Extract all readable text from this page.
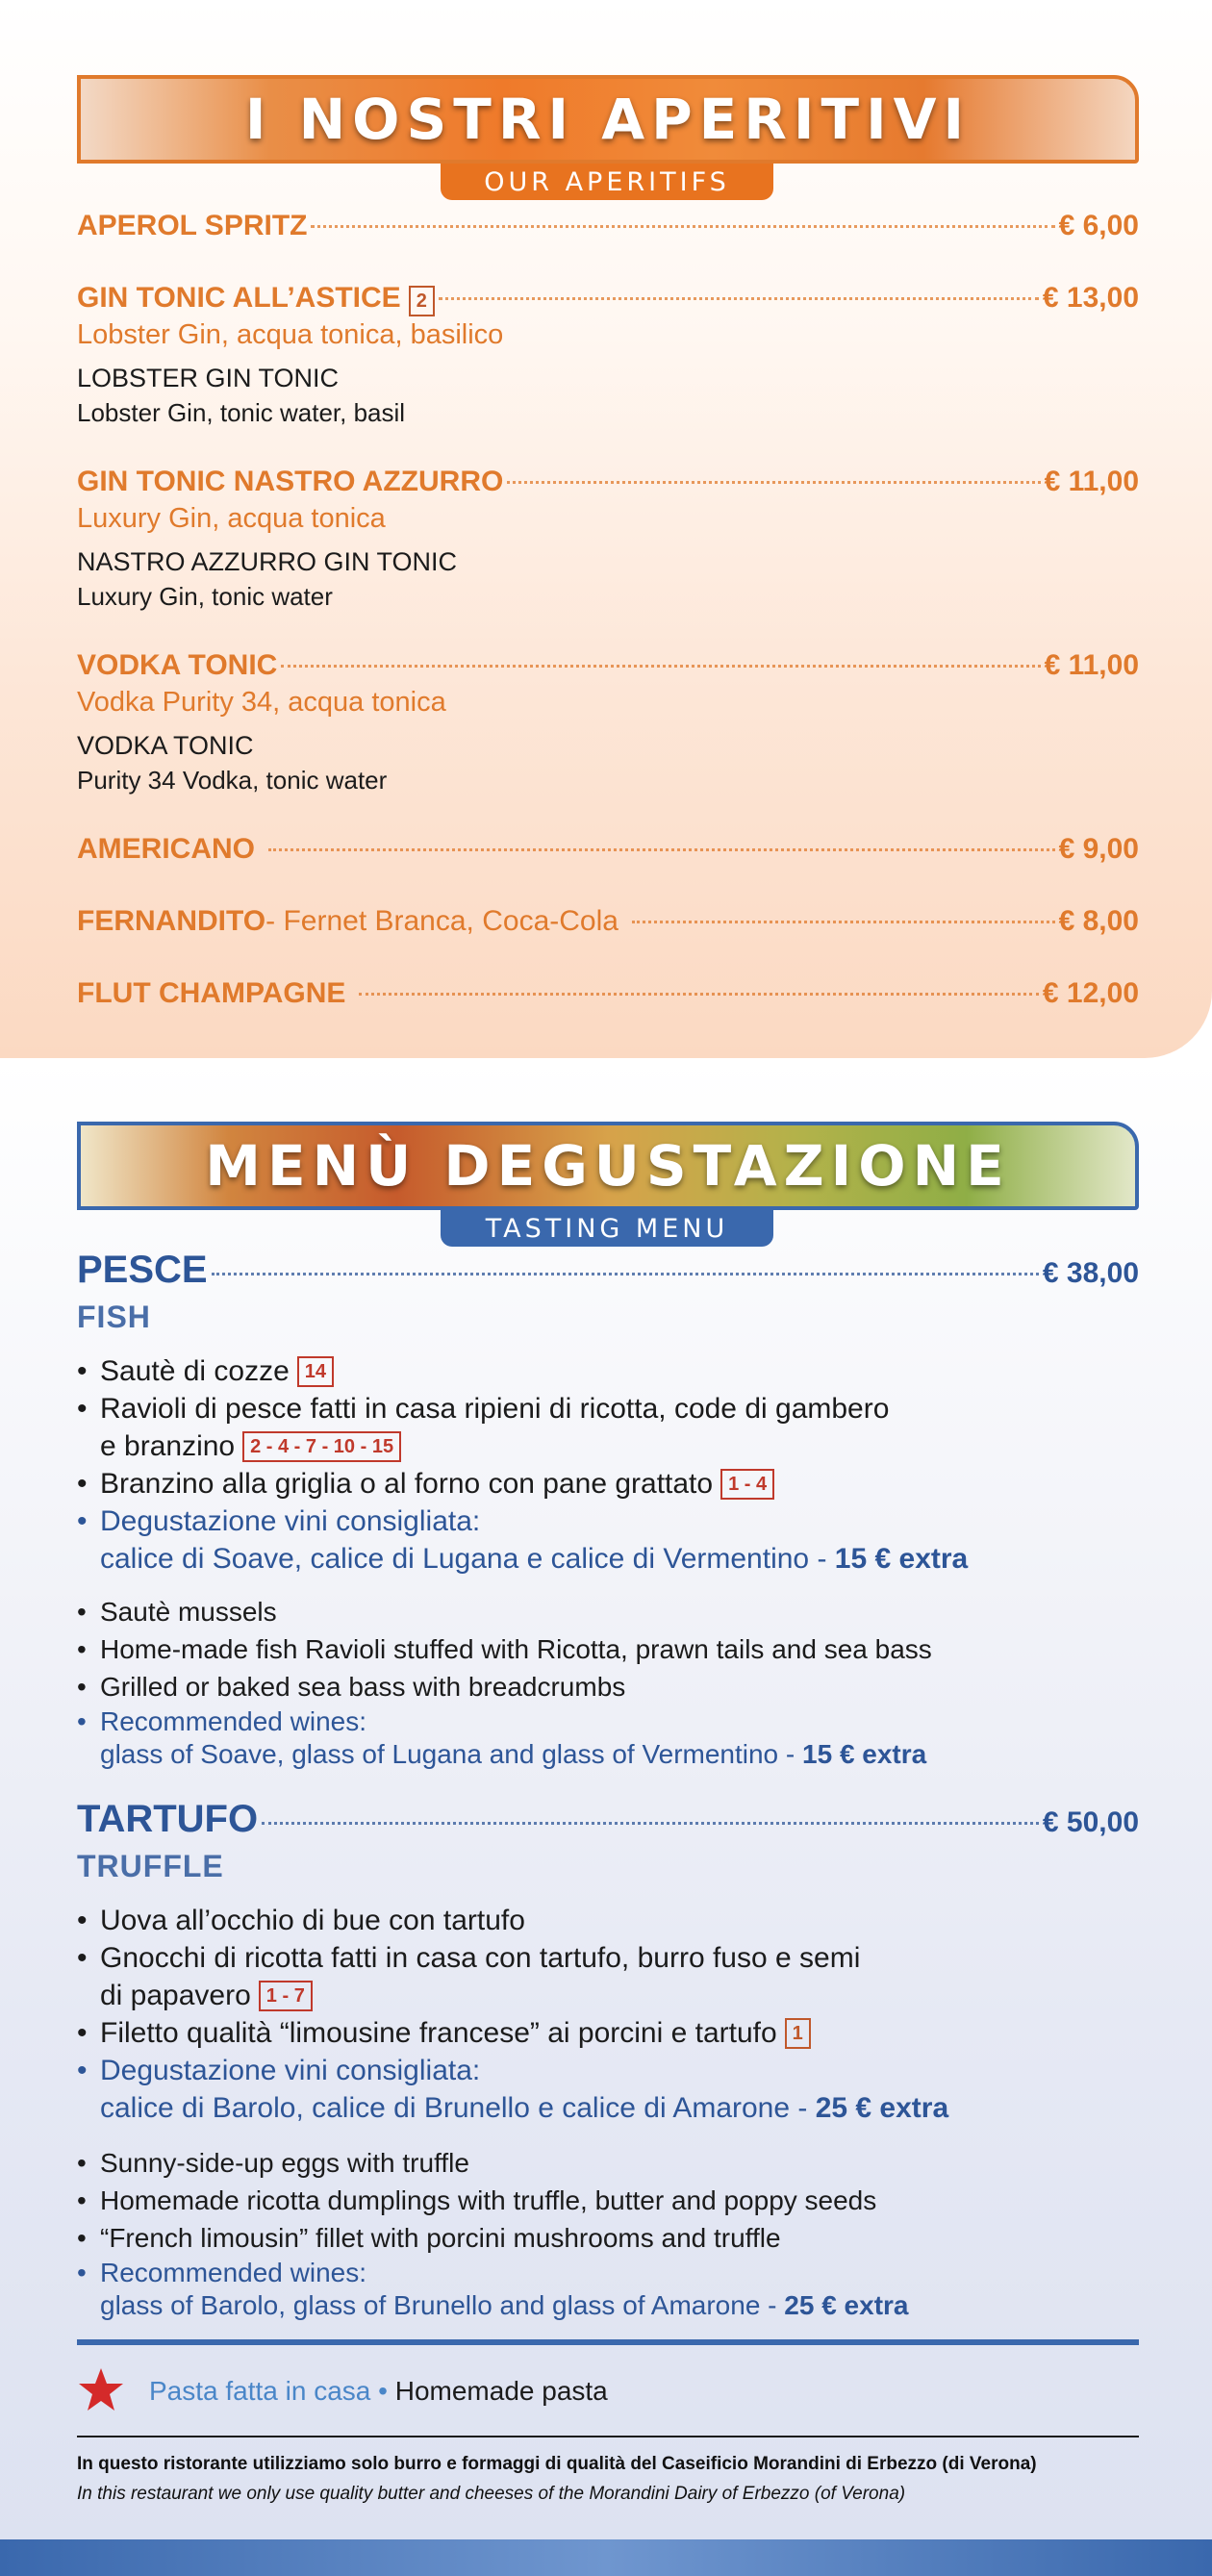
I NOSTRI APERITIVI
OUR APERITIFS
APEROL SPRITZ	€ 6,00
GIN TONIC ALL’ASTICE 2	€ 13,00
Lobster Gin, acqua tonica, basilico
LOBSTER GIN TONIC
Lobster Gin, tonic water, basil
GIN TONIC NASTRO AZZURRO	€ 11,00
Luxury Gin, acqua tonica
NASTRO AZZURRO GIN TONIC
Luxury Gin, tonic water
VODKA TONIC	€ 11,00
Vodka Purity 34, acqua tonica
VODKA TONIC
Purity 34 Vodka, tonic water
AMERICANO	€ 9,00
FERNANDITO - Fernet Branca, Coca-Cola	€ 8,00
FLUT CHAMPAGNE	€ 12,00
MENÙ DEGUSTAZIONE
TASTING MENU
PESCE	€ 38,00
FISH
• Sautè di cozze 14
• Ravioli di pesce fatti in casa ripieni di ricotta, code di gambero
e branzino 2 - 4 - 7 - 10 - 15
• Branzino alla griglia o al forno con pane grattato 1 - 4
• Degustazione vini consigliata:
calice di Soave, calice di Lugana e calice di Vermentino - 15 € extra
• Sautè mussels
• Home-made fish Ravioli stuffed with Ricotta, prawn tails and sea bass
• Grilled or baked sea bass with breadcrumbs
• Recommended wines:
glass of Soave, glass of Lugana and glass of Vermentino - 15 € extra
TARTUFO	€ 50,00
TRUFFLE
• Uova all’occhio di bue con tartufo
• Gnocchi di ricotta fatti in casa con tartufo, burro fuso e semi
di papavero 1 - 7
• Filetto qualità “limousine francese” ai porcini e tartufo 1
• Degustazione vini consigliata:
calice di Barolo, calice di Brunello e calice di Amarone - 25 € extra
• Sunny-side-up eggs with truffle
• Homemade ricotta dumplings with truffle, butter and poppy seeds
• “French limousin” fillet with porcini mushrooms and truffle
• Recommended wines:
glass of Barolo, glass of Brunello and glass of Amarone - 25 € extra
Pasta fatta in casa • Homemade pasta
In questo ristorante utilizziamo solo burro e formaggi di qualità del Caseificio Morandini di Erbezzo (di Verona)
In this restaurant we only use quality butter and cheeses of the Morandini Dairy of Erbezzo (of Verona)
